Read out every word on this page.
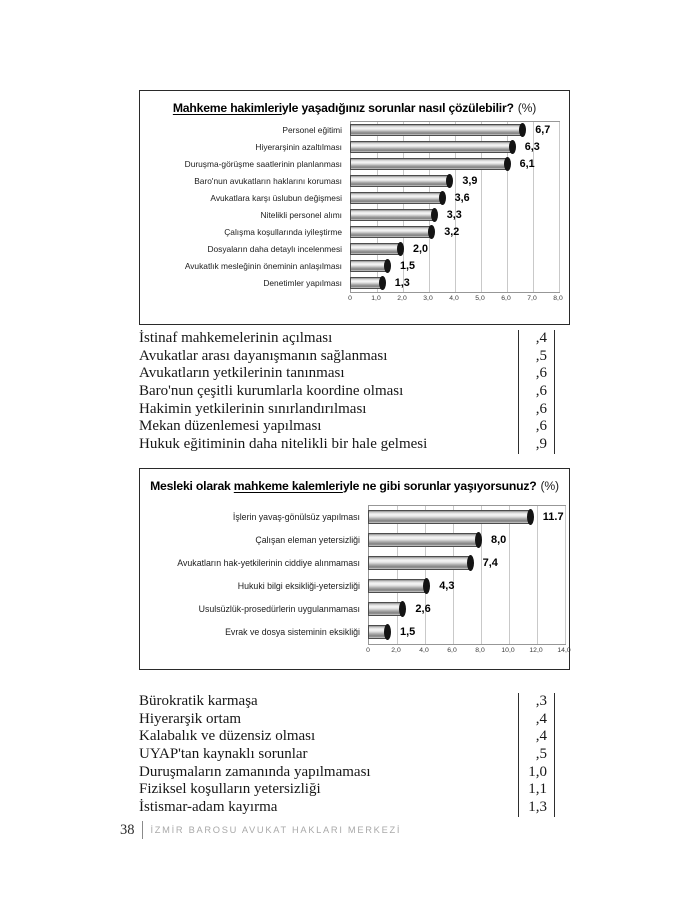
Mahkeme hakimleriyle yaşadığınız sorunlar nasıl çözülebilir? (%)
Personel eğitimi	6,7
Hiyerarşinin azaltılması	6,3
Duruşma-görüşme saatlerinin planlanması	6,1
Baro'nun avukatların haklarını koruması	3,9
Avukatlara karşı üslubun değişmesi	3,6
Nitelikli personel alımı	3,3
Çalışma koşullarında iyileştirme	3,2
Dosyaların daha detaylı incelenmesi	2,0
Avukatlık mesleğinin öneminin anlaşılması	1,5
Denetimler yapılması	1,3
0	1,0 2,0 3,0 4,0 5,0 6,0 7,0 8,0
İstinaf mahkemelerinin açılması	,4
Avukatlar arası dayanışmanın sağlanması	,5
Avukatların yetkilerinin tanınması	,6
Baro'nun çeşitli kurumlarla koordine olması	,6
Hakimin yetkilerinin sınırlandırılması	,6
Mekan düzenlemesi yapılması	,6
Hukuk eğitiminin daha nitelikli bir hale gelmesi	,9
Mesleki olarak mahkeme kalemleriyle ne gibi sorunlar yaşıyorsunuz? (%)
İşlerin yavaş-gönülsüz yapılması	11.7
Çalışan eleman yetersizliği	8,0
Avukatların hak-yetkilerinin ciddiye alınmaması	7,4
Hukuki bilgi eksikliği-yetersizliği	4,3
Usulsüzlük-prosedürlerin uygulanmaması	2,6
Evrak ve dosya sisteminin eksikliği	1,5
0	2,0	4,0	6,0	8,0 10,0 12,0 14,0
Bürokratik karmaşa	,3
Hiyerarşik ortam	,4
Kalabalık ve düzensiz olması	,4
UYAP'tan kaynaklı sorunlar	,5
Duruşmaların zamanında yapılmaması	1,0
Fiziksel koşulların yetersizliği	1,1
İstismar-adam kayırma	1,3
38 İZMİR BAROSU AVUKAT HAKLARI MERKEZİ
